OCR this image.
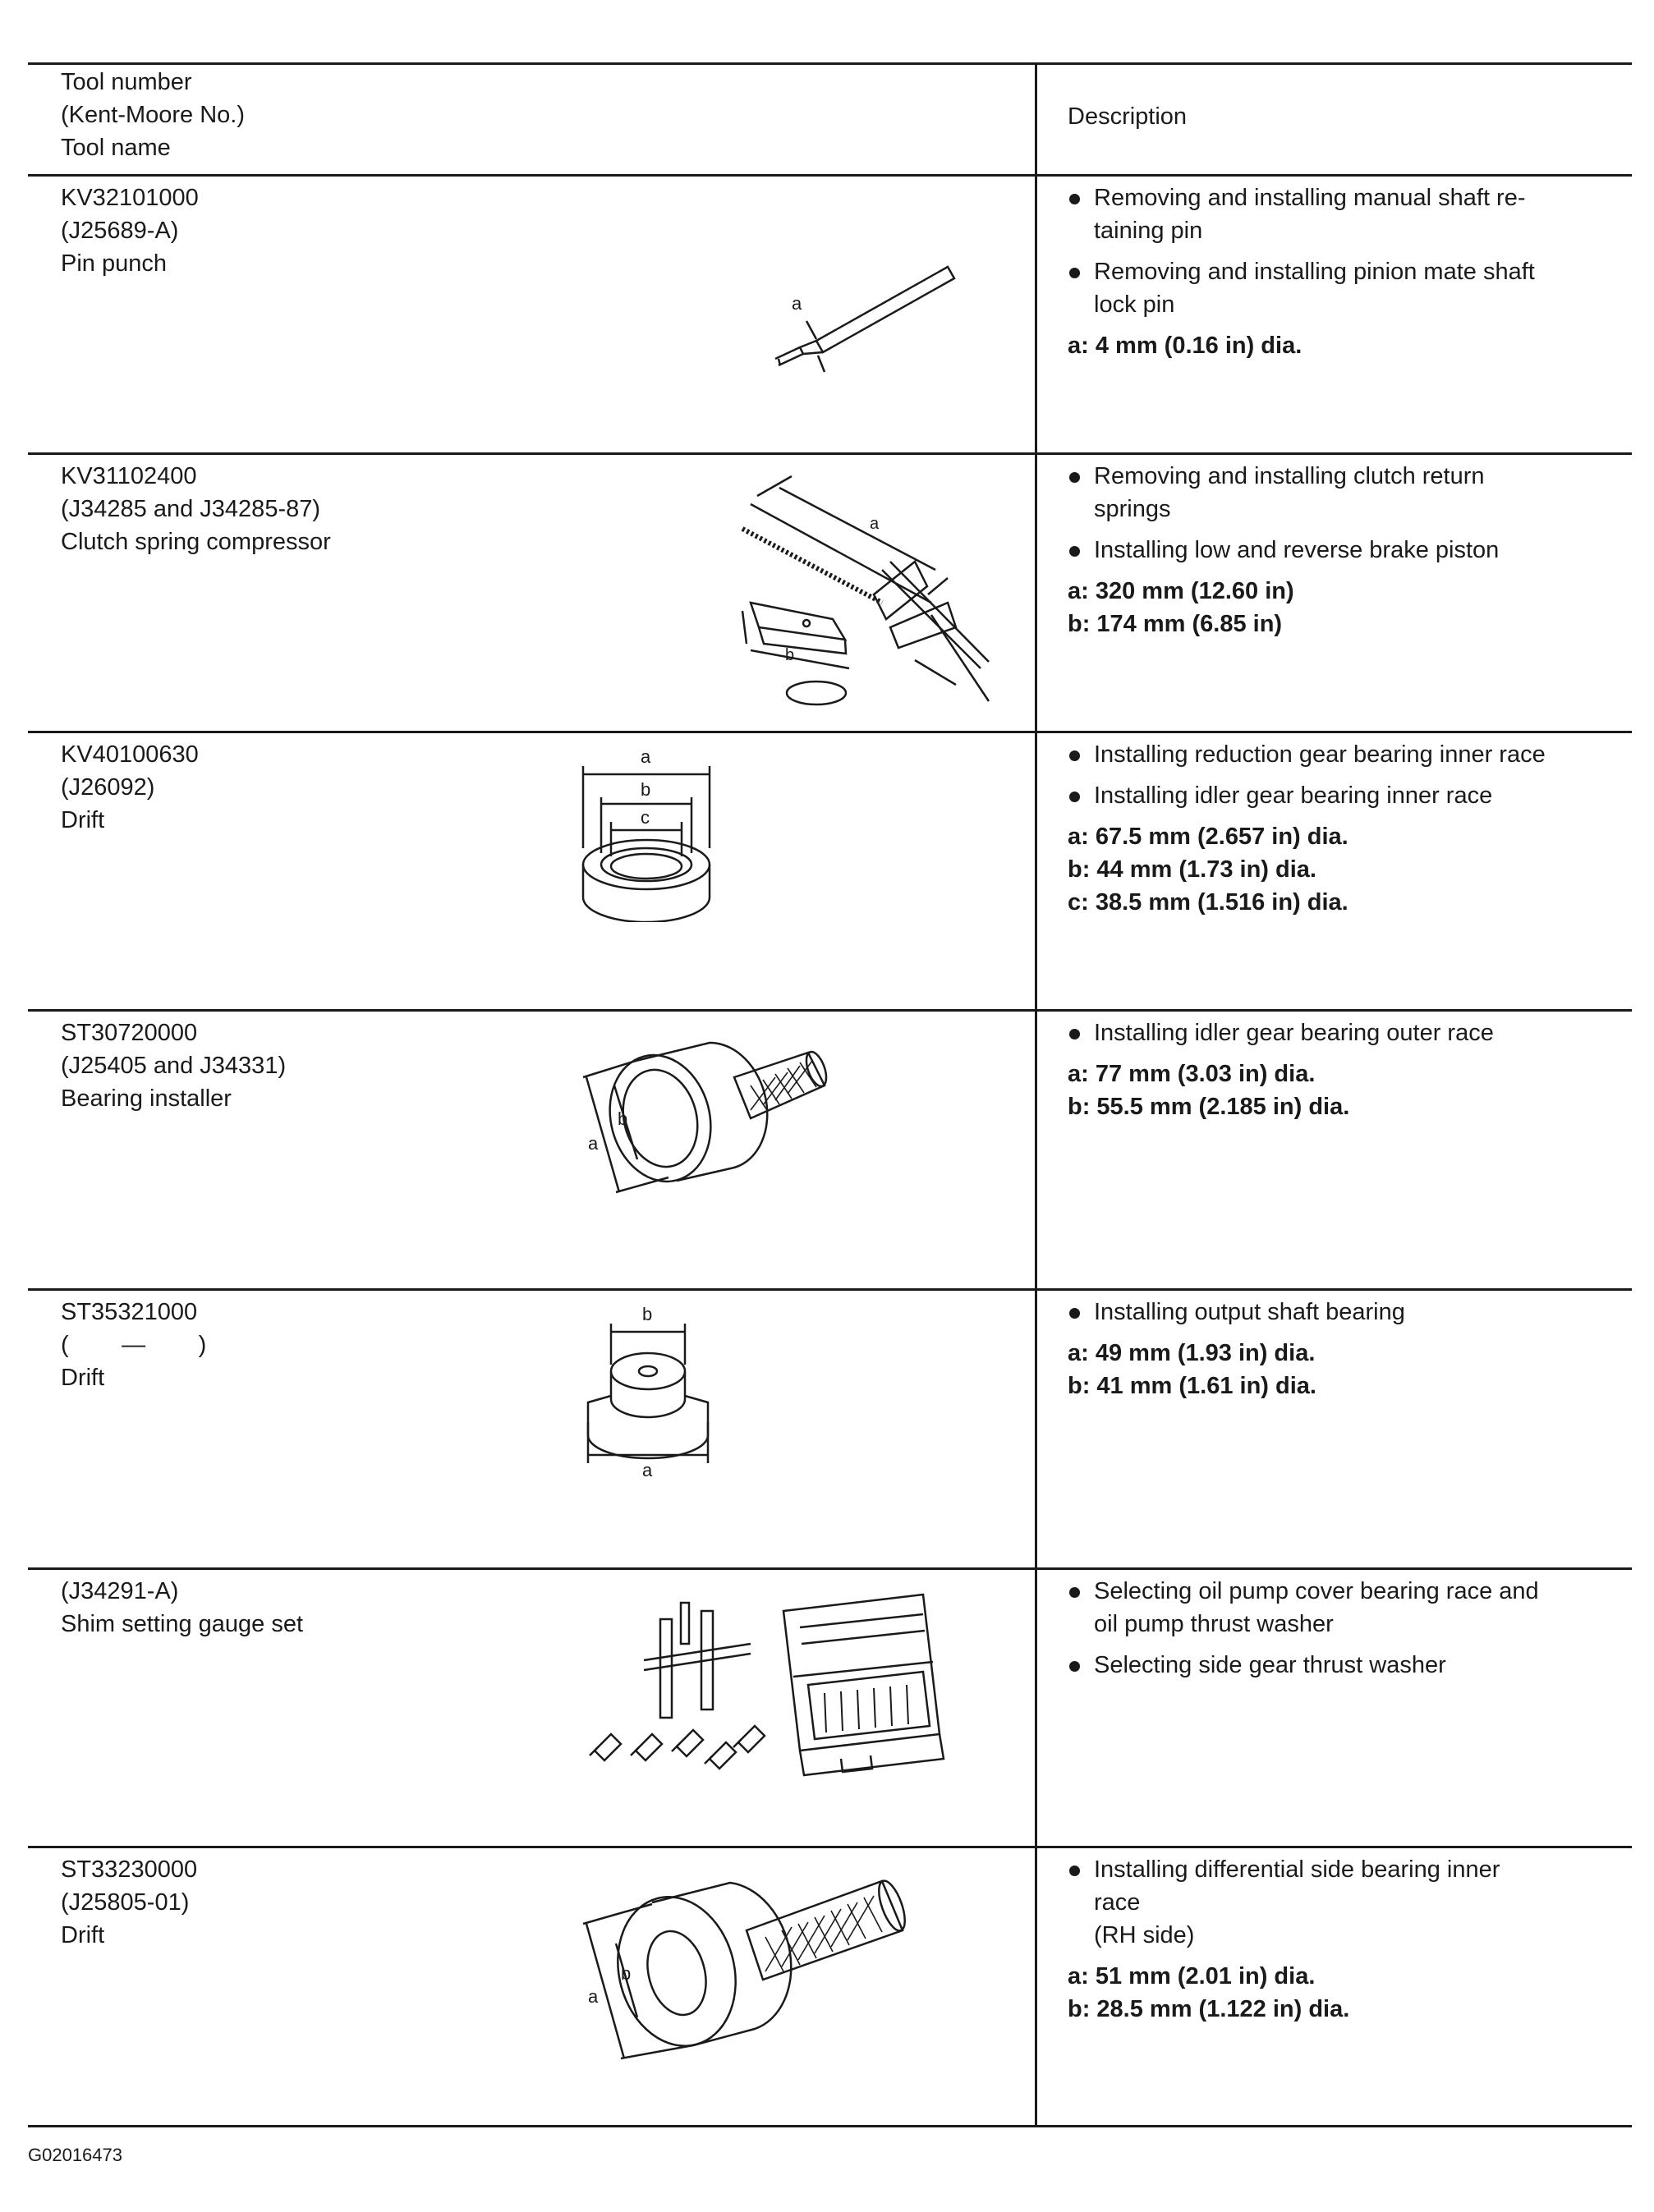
Tool number
(Kent-Moore No.)
Tool name
Description
KV32101000
(J25689-A)
Pin punch
a
Removing and installing manual shaft re-
taining pin
Removing and installing pinion mate shaft
lock pin
a: 4 mm (0.16 in) dia.
KV31102400
(J34285 and J34285-87)
Clutch spring compressor
a
b
Removing and installing clutch return
springs
Installing low and reverse brake piston
a: 320 mm (12.60 in)
b: 174 mm (6.85 in)
KV40100630
(J26092)
Drift
a
b
c
Installing reduction gear bearing inner race
Installing idler gear bearing inner race
a: 67.5 mm (2.657 in) dia.
b: 44 mm (1.73 in) dia.
c: 38.5 mm (1.516 in) dia.
ST30720000
(J25405 and J34331)
Bearing installer
a
b
Installing idler gear bearing outer race
a: 77 mm (3.03 in) dia.
b: 55.5 mm (2.185 in) dia.
ST35321000
(        —        )
Drift
b
a
Installing output shaft bearing
a: 49 mm (1.93 in) dia.
b: 41 mm (1.61 in) dia.
(J34291-A)
Shim setting gauge set
Selecting oil pump cover bearing race and
oil pump thrust washer
Selecting side gear thrust washer
ST33230000
(J25805-01)
Drift
a
b
Installing differential side bearing inner
race
(RH side)
a: 51 mm (2.01 in) dia.
b: 28.5 mm (1.122 in) dia.
G02016473
